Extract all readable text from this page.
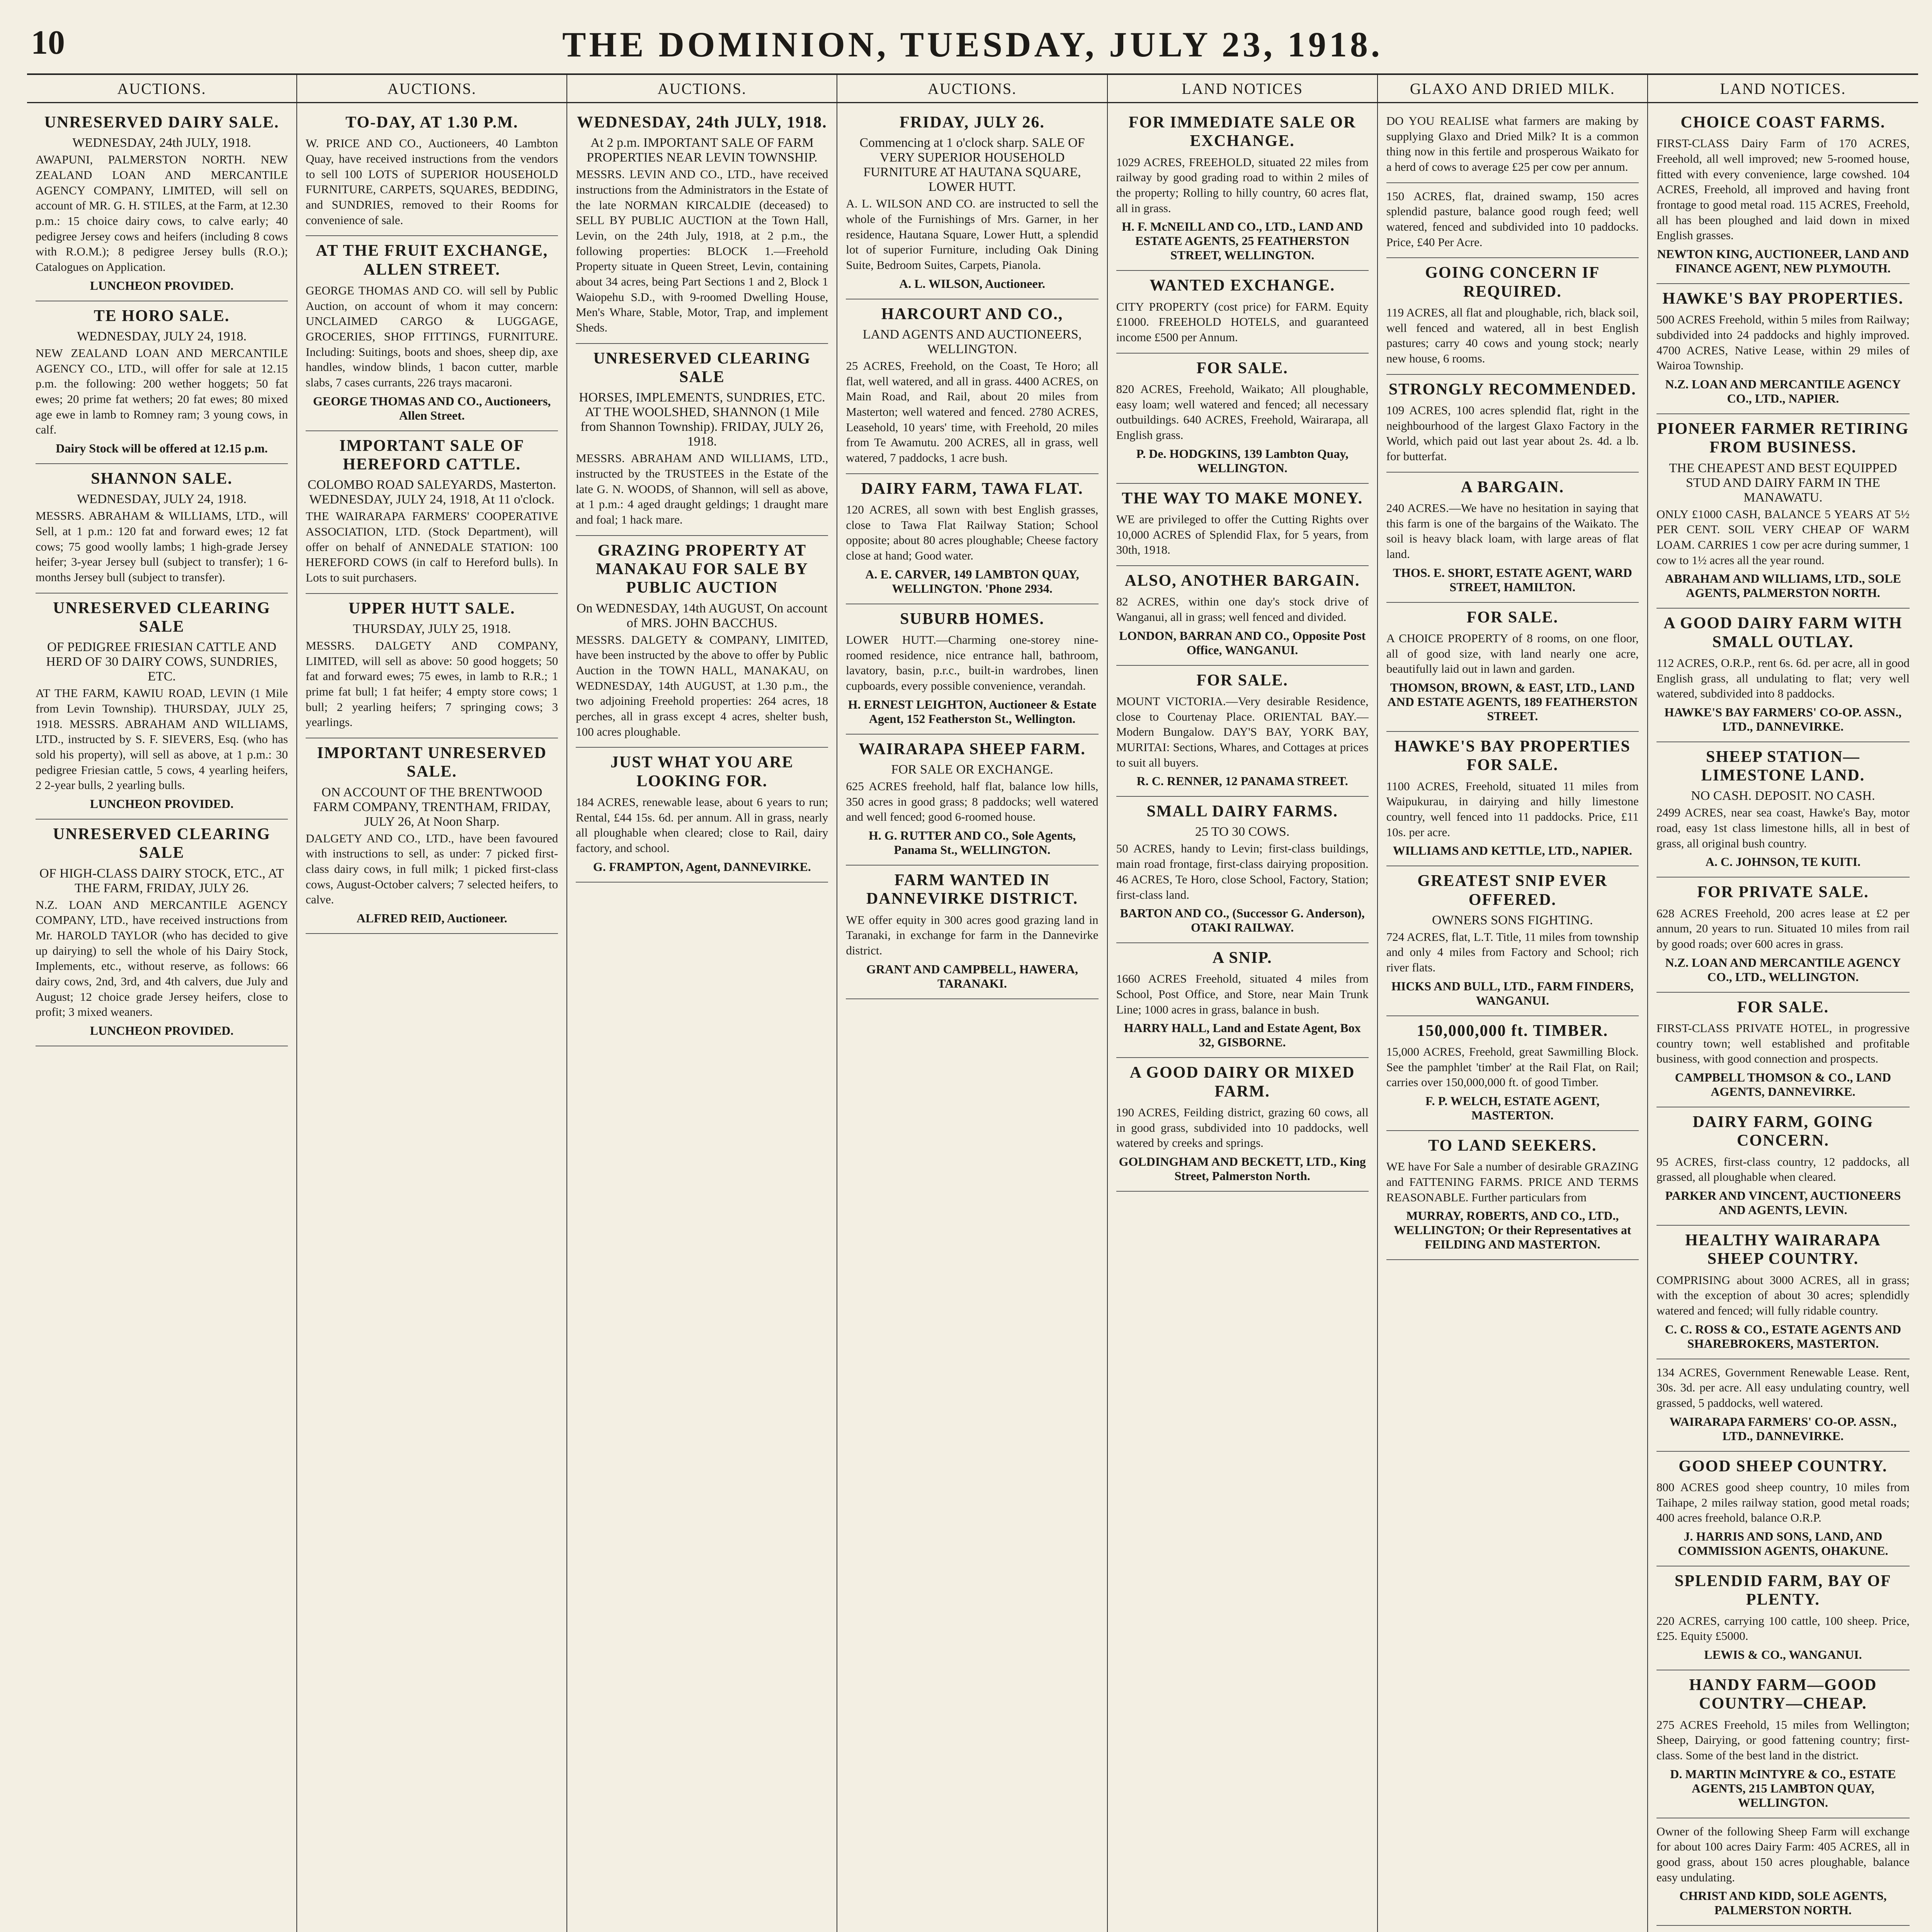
10	THE DOMINION, TUESDAY, JULY 23, 1918.
AUCTIONS.	AUCTIONS.	AUCTIONS.	AUCTIONS.	LAND NOTICES	GLAXO AND DRIED MILK.	LAND NOTICES.
UNRESERVED DAIRY SALE.
WEDNESDAY, 24th JULY, 1918.
AWAPUNI, PALMERSTON NORTH. NEW ZEALAND LOAN AND MERCANTILE AGENCY COMPANY, LIMITED, will sell on account of MR. G. H. STILES, at the Farm, at 12.30 p.m.: 15 choice dairy cows, to calve early; 40 pedigree Jersey cows and heifers (including 8 cows with R.O.M.); 8 pedigree Jersey bulls (R.O.); Catalogues on Application.
LUNCHEON PROVIDED.
TE HORO SALE.
WEDNESDAY, JULY 24, 1918.
NEW ZEALAND LOAN AND MERCANTILE AGENCY CO., LTD., will offer for sale at 12.15 p.m. the following: 200 wether hoggets; 50 fat ewes; 20 prime fat wethers; 20 fat ewes; 80 mixed age ewe in lamb to Romney ram; 3 young cows, in calf.
Dairy Stock will be offered at 12.15 p.m.
SHANNON SALE.
WEDNESDAY, JULY 24, 1918.
MESSRS. ABRAHAM & WILLIAMS, LTD., will Sell, at 1 p.m.: 120 fat and forward ewes; 12 fat cows; 75 good woolly lambs; 1 high-grade Jersey heifer; 3-year Jersey bull (subject to transfer); 1 6-months Jersey bull (subject to transfer).
UNRESERVED CLEARING SALE
OF PEDIGREE FRIESIAN CATTLE AND HERD OF 30 DAIRY COWS, SUNDRIES, ETC.
AT THE FARM, KAWIU ROAD, LEVIN (1 Mile from Levin Township). THURSDAY, JULY 25, 1918. MESSRS. ABRAHAM AND WILLIAMS, LTD., instructed by S. F. SIEVERS, Esq. (who has sold his property), will sell as above, at 1 p.m.: 30 pedigree Friesian cattle, 5 cows, 4 yearling heifers, 2 2-year bulls, 2 yearling bulls.
LUNCHEON PROVIDED.
UNRESERVED CLEARING SALE
OF HIGH-CLASS DAIRY STOCK, ETC., AT THE FARM, FRIDAY, JULY 26.
N.Z. LOAN AND MERCANTILE AGENCY COMPANY, LTD., have received instructions from Mr. HAROLD TAYLOR (who has decided to give up dairying) to sell the whole of his Dairy Stock, Implements, etc., without reserve, as follows: 66 dairy cows, 2nd, 3rd, and 4th calvers, due July and August; 12 choice grade Jersey heifers, close to profit; 3 mixed weaners.
LUNCHEON PROVIDED.
TO-DAY, AT 1.30 P.M.
W. PRICE AND CO., Auctioneers, 40 Lambton Quay, have received instructions from the vendors to sell 100 LOTS of SUPERIOR HOUSEHOLD FURNITURE, CARPETS, SQUARES, BEDDING, and SUNDRIES, removed to their Rooms for convenience of sale.
AT THE FRUIT EXCHANGE, ALLEN STREET.
GEORGE THOMAS AND CO. will sell by Public Auction, on account of whom it may concern: UNCLAIMED CARGO & LUGGAGE, GROCERIES, SHOP FITTINGS, FURNITURE. Including: Suitings, boots and shoes, sheep dip, axe handles, window blinds, 1 bacon cutter, marble slabs, 7 cases currants, 226 trays macaroni.
GEORGE THOMAS AND CO., Auctioneers, Allen Street.
IMPORTANT SALE OF HEREFORD CATTLE.
COLOMBO ROAD SALEYARDS, Masterton. WEDNESDAY, JULY 24, 1918, At 11 o'clock.
THE WAIRARAPA FARMERS' COOPERATIVE ASSOCIATION, LTD. (Stock Department), will offer on behalf of ANNEDALE STATION: 100 HEREFORD COWS (in calf to Hereford bulls). In Lots to suit purchasers.
UPPER HUTT SALE.
THURSDAY, JULY 25, 1918.
MESSRS. DALGETY AND COMPANY, LIMITED, will sell as above: 50 good hoggets; 50 fat and forward ewes; 75 ewes, in lamb to R.R.; 1 prime fat bull; 1 fat heifer; 4 empty store cows; 1 bull; 2 yearling heifers; 7 springing cows; 3 yearlings.
IMPORTANT UNRESERVED SALE.
ON ACCOUNT OF THE BRENTWOOD FARM COMPANY, TRENTHAM, FRIDAY, JULY 26, At Noon Sharp.
DALGETY AND CO., LTD., have been favoured with instructions to sell, as under: 7 picked first-class dairy cows, in full milk; 1 picked first-class cows, August-October calvers; 7 selected heifers, to calve.
ALFRED REID, Auctioneer.
WEDNESDAY, 24th JULY, 1918.
At 2 p.m. IMPORTANT SALE OF FARM PROPERTIES NEAR LEVIN TOWNSHIP.
MESSRS. LEVIN AND CO., LTD., have received instructions from the Administrators in the Estate of the late NORMAN KIRCALDIE (deceased) to SELL BY PUBLIC AUCTION at the Town Hall, Levin, on the 24th July, 1918, at 2 p.m., the following properties: BLOCK 1.—Freehold Property situate in Queen Street, Levin, containing about 34 acres, being Part Sections 1 and 2, Block 1 Waiopehu S.D., with 9-roomed Dwelling House, Men's Whare, Stable, Motor, Trap, and implement Sheds.
UNRESERVED CLEARING SALE
HORSES, IMPLEMENTS, SUNDRIES, ETC. AT THE WOOLSHED, SHANNON (1 Mile from Shannon Township). FRIDAY, JULY 26, 1918.
MESSRS. ABRAHAM AND WILLIAMS, LTD., instructed by the TRUSTEES in the Estate of the late G. N. WOODS, of Shannon, will sell as above, at 1 p.m.: 4 aged draught geldings; 1 draught mare and foal; 1 hack mare.
GRAZING PROPERTY AT MANAKAU FOR SALE BY PUBLIC AUCTION
On WEDNESDAY, 14th AUGUST, On account of MRS. JOHN BACCHUS.
MESSRS. DALGETY & COMPANY, LIMITED, have been instructed by the above to offer by Public Auction in the TOWN HALL, MANAKAU, on WEDNESDAY, 14th AUGUST, at 1.30 p.m., the two adjoining Freehold properties: 264 acres, 18 perches, all in grass except 4 acres, shelter bush, 100 acres ploughable.
JUST WHAT YOU ARE LOOKING FOR.
184 ACRES, renewable lease, about 6 years to run; Rental, £44 15s. 6d. per annum. All in grass, nearly all ploughable when cleared; close to Rail, dairy factory, and school.
G. FRAMPTON, Agent, DANNEVIRKE.
FRIDAY, JULY 26.
Commencing at 1 o'clock sharp. SALE OF VERY SUPERIOR HOUSEHOLD FURNITURE AT HAUTANA SQUARE, LOWER HUTT.
A. L. WILSON AND CO. are instructed to sell the whole of the Furnishings of Mrs. Garner, in her residence, Hautana Square, Lower Hutt, a splendid lot of superior Furniture, including Oak Dining Suite, Bedroom Suites, Carpets, Pianola.
A. L. WILSON, Auctioneer.
HARCOURT AND CO.,
LAND AGENTS AND AUCTIONEERS, WELLINGTON.
25 ACRES, Freehold, on the Coast, Te Horo; all flat, well watered, and all in grass. 4400 ACRES, on Main Road, and Rail, about 20 miles from Masterton; well watered and fenced. 2780 ACRES, Leasehold, 10 years' time, with Freehold, 20 miles from Te Awamutu. 200 ACRES, all in grass, well watered, 7 paddocks, 1 acre bush.
DAIRY FARM, TAWA FLAT.
120 ACRES, all sown with best English grasses, close to Tawa Flat Railway Station; School opposite; about 80 acres ploughable; Cheese factory close at hand; Good water.
A. E. CARVER, 149 LAMBTON QUAY, WELLINGTON. 'Phone 2934.
SUBURB HOMES.
LOWER HUTT.—Charming one-storey nine-roomed residence, nice entrance hall, bathroom, lavatory, basin, p.r.c., built-in wardrobes, linen cupboards, every possible convenience, verandah.
H. ERNEST LEIGHTON, Auctioneer & Estate Agent, 152 Featherston St., Wellington.
WAIRARAPA SHEEP FARM.
FOR SALE OR EXCHANGE.
625 ACRES freehold, half flat, balance low hills, 350 acres in good grass; 8 paddocks; well watered and well fenced; good 6-roomed house.
H. G. RUTTER AND CO., Sole Agents, Panama St., WELLINGTON.
FARM WANTED IN DANNEVIRKE DISTRICT.
WE offer equity in 300 acres good grazing land in Taranaki, in exchange for farm in the Dannevirke district.
GRANT AND CAMPBELL, HAWERA, TARANAKI.
FOR IMMEDIATE SALE OR EXCHANGE.
1029 ACRES, FREEHOLD, situated 22 miles from railway by good grading road to within 2 miles of the property; Rolling to hilly country, 60 acres flat, all in grass.
H. F. McNEILL AND CO., LTD., LAND AND ESTATE AGENTS, 25 FEATHERSTON STREET, WELLINGTON.
WANTED EXCHANGE.
CITY PROPERTY (cost price) for FARM. Equity £1000. FREEHOLD HOTELS, and guaranteed income £500 per Annum.
FOR SALE.
820 ACRES, Freehold, Waikato; All ploughable, easy loam; well watered and fenced; all necessary outbuildings. 640 ACRES, Freehold, Wairarapa, all English grass.
P. De. HODGKINS, 139 Lambton Quay, WELLINGTON.
THE WAY TO MAKE MONEY.
WE are privileged to offer the Cutting Rights over 10,000 ACRES of Splendid Flax, for 5 years, from 30th, 1918.
ALSO, ANOTHER BARGAIN.
82 ACRES, within one day's stock drive of Wanganui, all in grass; well fenced and divided.
LONDON, BARRAN AND CO., Opposite Post Office, WANGANUI.
FOR SALE.
MOUNT VICTORIA.—Very desirable Residence, close to Courtenay Place. ORIENTAL BAY.—Modern Bungalow. DAY'S BAY, YORK BAY, MURITAI: Sections, Whares, and Cottages at prices to suit all buyers.
R. C. RENNER, 12 PANAMA STREET.
SMALL DAIRY FARMS.
25 TO 30 COWS.
50 ACRES, handy to Levin; first-class buildings, main road frontage, first-class dairying proposition. 46 ACRES, Te Horo, close School, Factory, Station; first-class land.
BARTON AND CO., (Successor G. Anderson), OTAKI RAILWAY.
A SNIP.
1660 ACRES Freehold, situated 4 miles from School, Post Office, and Store, near Main Trunk Line; 1000 acres in grass, balance in bush.
HARRY HALL, Land and Estate Agent, Box 32, GISBORNE.
A GOOD DAIRY OR MIXED FARM.
190 ACRES, Feilding district, grazing 60 cows, all in good grass, subdivided into 10 paddocks, well watered by creeks and springs.
GOLDINGHAM AND BECKETT, LTD., King Street, Palmerston North.
DO YOU REALISE what farmers are making by supplying Glaxo and Dried Milk? It is a common thing now in this fertile and prosperous Waikato for a herd of cows to average £25 per cow per annum.
150 ACRES, flat, drained swamp, 150 acres splendid pasture, balance good rough feed; well watered, fenced and subdivided into 10 paddocks. Price, £40 Per Acre.
GOING CONCERN IF REQUIRED.
119 ACRES, all flat and ploughable, rich, black soil, well fenced and watered, all in best English pastures; carry 40 cows and young stock; nearly new house, 6 rooms.
STRONGLY RECOMMENDED.
109 ACRES, 100 acres splendid flat, right in the neighbourhood of the largest Glaxo Factory in the World, which paid out last year about 2s. 4d. a lb. for butterfat.
A BARGAIN.
240 ACRES.—We have no hesitation in saying that this farm is one of the bargains of the Waikato. The soil is heavy black loam, with large areas of flat land.
THOS. E. SHORT, ESTATE AGENT, WARD STREET, HAMILTON.
FOR SALE.
A CHOICE PROPERTY of 8 rooms, on one floor, all of good size, with land nearly one acre, beautifully laid out in lawn and garden.
THOMSON, BROWN, & EAST, LTD., LAND AND ESTATE AGENTS, 189 FEATHERSTON STREET.
HAWKE'S BAY PROPERTIES FOR SALE.
1100 ACRES, Freehold, situated 11 miles from Waipukurau, in dairying and hilly limestone country, well fenced into 11 paddocks. Price, £11 10s. per acre.
WILLIAMS AND KETTLE, LTD., NAPIER.
GREATEST SNIP EVER OFFERED.
OWNERS SONS FIGHTING.
724 ACRES, flat, L.T. Title, 11 miles from township and only 4 miles from Factory and School; rich river flats.
HICKS AND BULL, LTD., FARM FINDERS, WANGANUI.
150,000,000 ft. TIMBER.
15,000 ACRES, Freehold, great Sawmilling Block. See the pamphlet 'timber' at the Rail Flat, on Rail; carries over 150,000,000 ft. of good Timber.
F. P. WELCH, ESTATE AGENT, MASTERTON.
TO LAND SEEKERS.
WE have For Sale a number of desirable GRAZING and FATTENING FARMS. PRICE AND TERMS REASONABLE. Further particulars from
MURRAY, ROBERTS, AND CO., LTD., WELLINGTON; Or their Representatives at FEILDING AND MASTERTON.
CHOICE COAST FARMS.
FIRST-CLASS Dairy Farm of 170 ACRES, Freehold, all well improved; new 5-roomed house, fitted with every convenience, large cowshed. 104 ACRES, Freehold, all improved and having front frontage to good metal road. 115 ACRES, Freehold, all has been ploughed and laid down in mixed English grasses.
NEWTON KING, AUCTIONEER, LAND AND FINANCE AGENT, NEW PLYMOUTH.
HAWKE'S BAY PROPERTIES.
500 ACRES Freehold, within 5 miles from Railway; subdivided into 24 paddocks and highly improved. 4700 ACRES, Native Lease, within 29 miles of Wairoa Township.
N.Z. LOAN AND MERCANTILE AGENCY CO., LTD., NAPIER.
PIONEER FARMER RETIRING FROM BUSINESS.
THE CHEAPEST AND BEST EQUIPPED STUD AND DAIRY FARM IN THE MANAWATU.
ONLY £1000 CASH, BALANCE 5 YEARS AT 5½ PER CENT. SOIL VERY CHEAP OF WARM LOAM. CARRIES 1 cow per acre during summer, 1 cow to 1½ acres all the year round.
ABRAHAM AND WILLIAMS, LTD., SOLE AGENTS, PALMERSTON NORTH.
A GOOD DAIRY FARM WITH SMALL OUTLAY.
112 ACRES, O.R.P., rent 6s. 6d. per acre, all in good English grass, all undulating to flat; very well watered, subdivided into 8 paddocks.
HAWKE'S BAY FARMERS' CO-OP. ASSN., LTD., DANNEVIRKE.
SHEEP STATION—LIMESTONE LAND.
NO CASH. DEPOSIT. NO CASH.
2499 ACRES, near sea coast, Hawke's Bay, motor road, easy 1st class limestone hills, all in best of grass, all original bush country.
A. C. JOHNSON, TE KUITI.
FOR PRIVATE SALE.
628 ACRES Freehold, 200 acres lease at £2 per annum, 20 years to run. Situated 10 miles from rail by good roads; over 600 acres in grass.
N.Z. LOAN AND MERCANTILE AGENCY CO., LTD., WELLINGTON.
FOR SALE.
FIRST-CLASS PRIVATE HOTEL, in progressive country town; well established and profitable business, with good connection and prospects.
CAMPBELL THOMSON & CO., LAND AGENTS, DANNEVIRKE.
DAIRY FARM, GOING CONCERN.
95 ACRES, first-class country, 12 paddocks, all grassed, all ploughable when cleared.
PARKER AND VINCENT, AUCTIONEERS AND AGENTS, LEVIN.
HEALTHY WAIRARAPA SHEEP COUNTRY.
COMPRISING about 3000 ACRES, all in grass; with the exception of about 30 acres; splendidly watered and fenced; will fully ridable country.
C. C. ROSS & CO., ESTATE AGENTS AND SHAREBROKERS, MASTERTON.
134 ACRES, Government Renewable Lease. Rent, 30s. 3d. per acre. All easy undulating country, well grassed, 5 paddocks, well watered.
WAIRARAPA FARMERS' CO-OP. ASSN., LTD., DANNEVIRKE.
GOOD SHEEP COUNTRY.
800 ACRES good sheep country, 10 miles from Taihape, 2 miles railway station, good metal roads; 400 acres freehold, balance O.R.P.
J. HARRIS AND SONS, LAND, AND COMMISSION AGENTS, OHAKUNE.
SPLENDID FARM, BAY OF PLENTY.
220 ACRES, carrying 100 cattle, 100 sheep. Price, £25. Equity £5000.
LEWIS & CO., WANGANUI.
HANDY FARM—GOOD COUNTRY—CHEAP.
275 ACRES Freehold, 15 miles from Wellington; Sheep, Dairying, or good fattening country; first-class. Some of the best land in the district.
D. MARTIN McINTYRE & CO., ESTATE AGENTS, 215 LAMBTON QUAY, WELLINGTON.
Owner of the following Sheep Farm will exchange for about 100 acres Dairy Farm: 405 ACRES, all in good grass, about 150 acres ploughable, balance easy undulating.
CHRIST AND KIDD, SOLE AGENTS, PALMERSTON NORTH.
